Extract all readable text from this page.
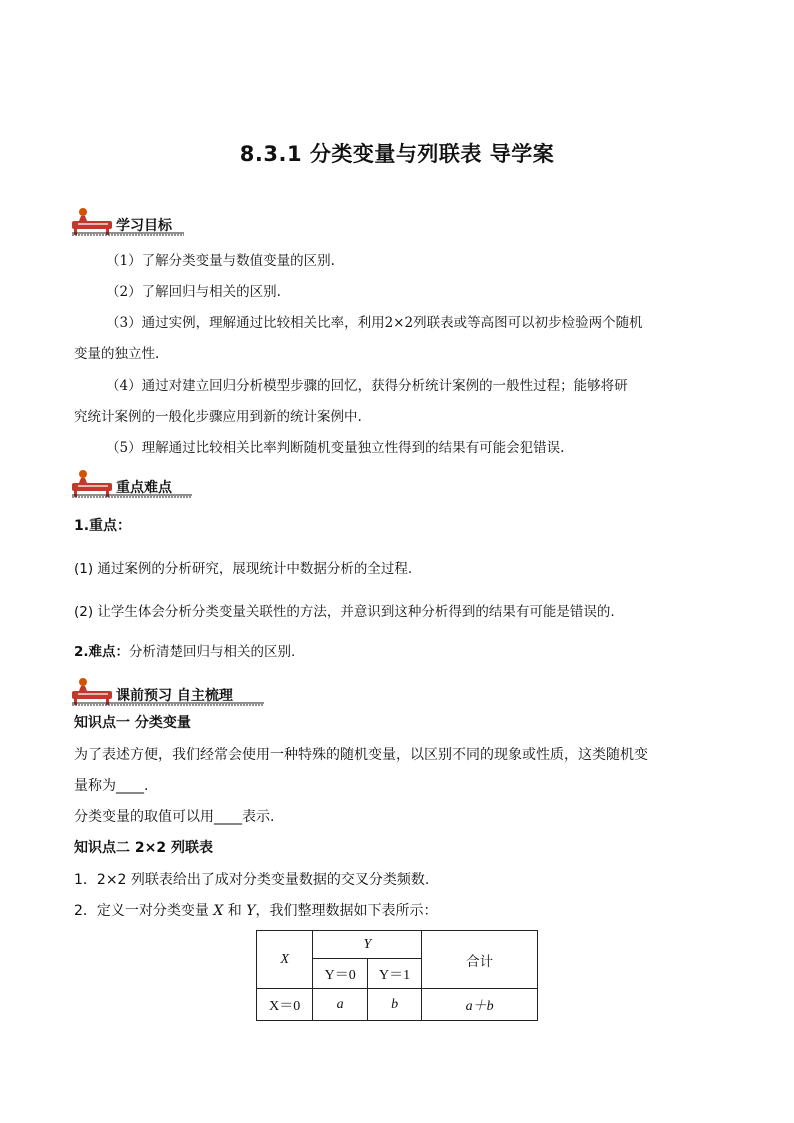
8.3.1 分类变量与列联表 导学案
学习目标
（1）了解分类变量与数值变量的区别.
（2）了解回归与相关的区别.
（3）通过实例，理解通过比较相关比率，利用2×2列联表或等高图可以初步检验两个随机
变量的独立性.
（4）通过对建立回归分析模型步骤的回忆，获得分析统计案例的一般性过程；能够将研
究统计案例的一般化步骤应用到新的统计案例中.
（5）理解通过比较相关比率判断随机变量独立性得到的结果有可能会犯错误.
重点难点
1.重点：
(1) 通过案例的分析研究，展现统计中数据分析的全过程.
(2) 让学生体会分析分类变量关联性的方法，并意识到这种分析得到的结果有可能是错误的.
2.难点：分析清楚回归与相关的区别.
课前预习 自主梳理
知识点一 分类变量
为了表述方便，我们经常会使用一种特殊的随机变量，以区别不同的现象或性质，这类随机变
量称为____.
分类变量的取值可以用____表示.
知识点二 2×2 列联表
1．2×2 列联表给出了成对分类变量数据的交叉分类频数.
2．定义一对分类变量 X 和 Y，我们整理数据如下表所示：
X	Y		合计
	Y＝0	Y＝1	
X＝0	a	b	a＋b
